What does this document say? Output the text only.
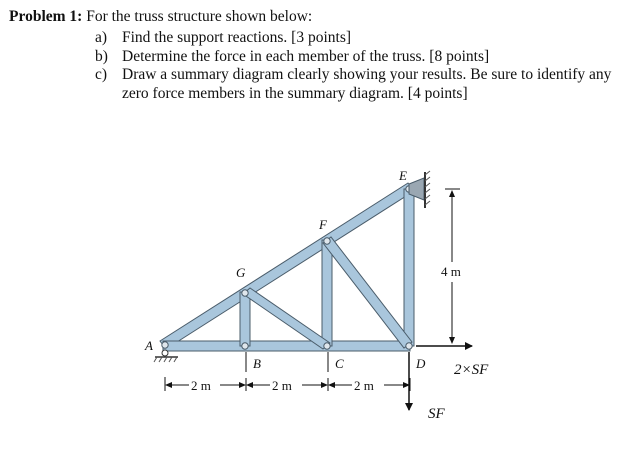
Problem 1: For the truss structure shown below:
a) Find the support reactions. [3 points]
b) Determine the force in each member of the truss. [8 points]
c) Draw a summary diagram clearly showing your results. Be sure to identify any
zero force members in the summary diagram. [4 points]
A
G
F
E
B	C	D
2 m	2 m	2 m
4 m
2×SF
SF
